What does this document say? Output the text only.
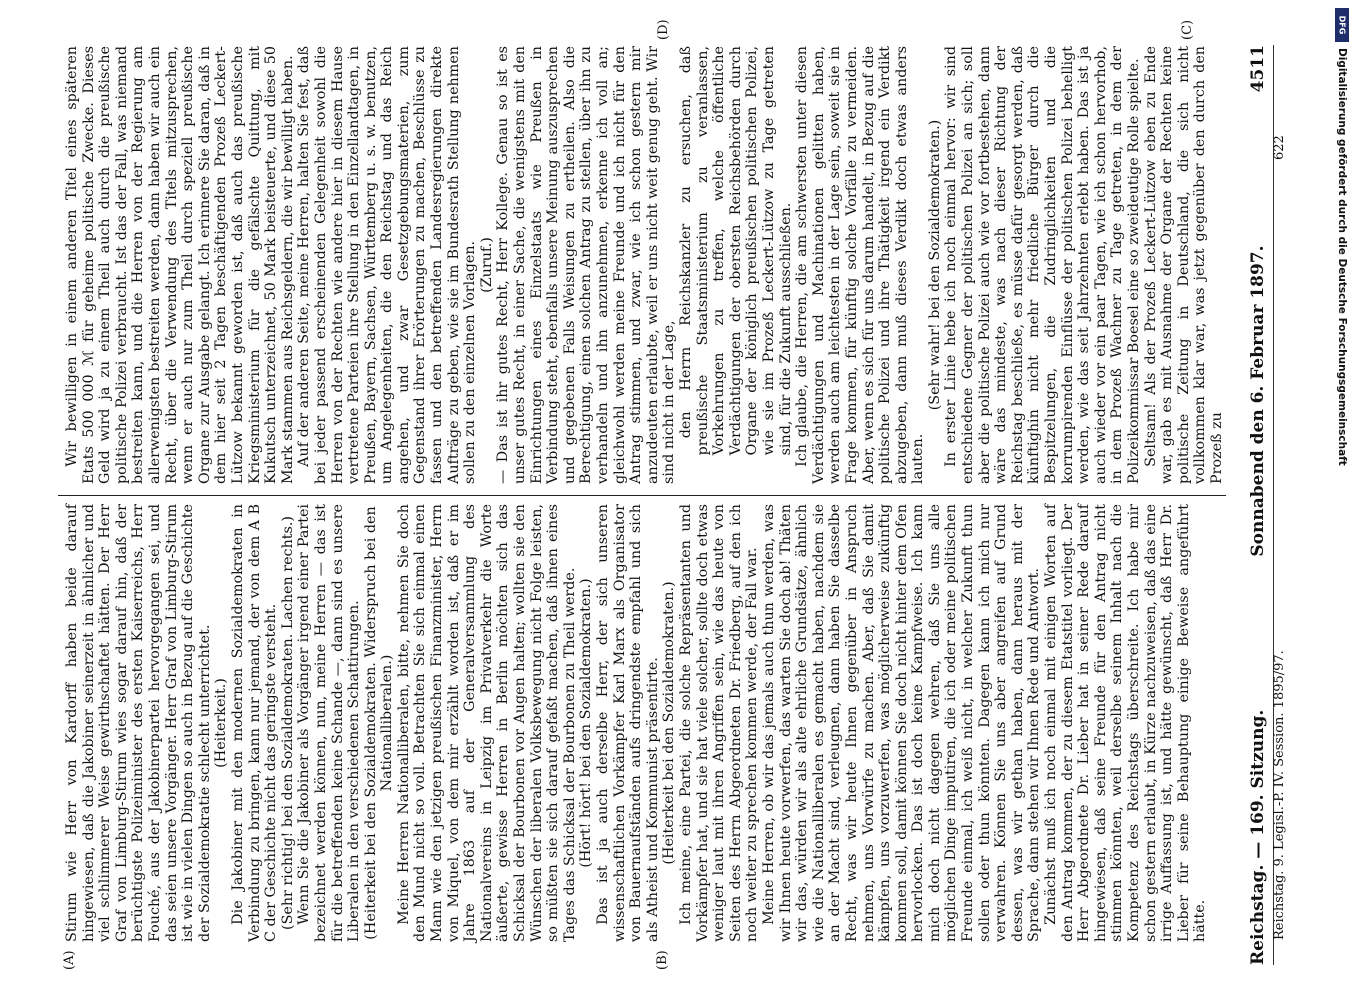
Reichstag. — 169. Sitzung.
Sonnabend den 6. Februar 1897.
4511
(A)	(B)
(C)
(D)

Stirum wie Herr von Kardorff haben beide darauf hingewiesen, daß die Jakobiner seinerzeit in ähnlicher und viel schlimmerer Weise gewirthschaftet hätten. Der Herr Graf von Limburg-Stirum wies sogar darauf hin, daß der berüchtigste Polizeiminister des ersten Kaiserreichs, Herr Fouché, aus der Jakobinerpartei hervorgegangen sei, und das seien unsere Vorgänger. Herr Graf von Limburg-Stirum ist wie in vielen Dingen so auch in Bezug auf die Geschichte der Sozialdemokratie schlecht unterrichtet. (Heiterkeit.) Die Jakobiner mit den modernen Sozialdemokraten in Verbindung zu bringen, kann nur jemand, der von dem A B C der Geschichte nicht das geringste versteht. (Sehr richtig! bei den Sozialdemokraten. Lachen rechts.) Wenn Sie die Jakobiner als Vorgänger irgend einer Partei bezeichnet werden können, nun, meine Herren — das ist für die betreffenden keine Schande —, dann sind es unsere Liberalen in den verschiedenen Schattirungen. (Heiterkeit bei den Sozialdemokraten. Widerspruch bei den Nationalliberalen.) Meine Herren Nationalliberalen, bitte, nehmen Sie doch den Mund nicht so voll. Betrachten Sie sich einmal einen Mann wie den jetzigen preußischen Finanzminister, Herrn von Miquel, von dem mir erzählt worden ist, daß er im Jahre 1863 auf der Generalversammlung des Nationalvereins in Leipzig im Privatverkehr die Worte äußerte, gewisse Herren in Berlin möchten sich das Schicksal der Bourbonen vor Augen halten; wollten sie den Wünschen der liberalen Volksbewegung nicht Folge leisten, so müßten sie sich darauf gefaßt machen, daß ihnen eines Tages das Schicksal der Bourbonen zu Theil werde. (Hört! hört! bei den Sozialdemokraten.) Das ist ja auch derselbe Herr, der sich unseren wissenschaftlichen Vorkämpfer Karl Marx als Organisator von Bauernaufständen aufs dringendste empfahl und sich als Atheist und Kommunist präsentirte. (Heiterkeit bei den Sozialdemokraten.) Ich meine, eine Partei, die solche Repräsentanten und Vorkämpfer hat, und sie hat viele solcher, sollte doch etwas weniger laut mit ihren Angriffen sein, wie das heute von Seiten des Herrn Abgeordneten Dr. Friedberg, auf den ich noch weiter zu sprechen kommen werde, der Fall war. Meine Herren, ob wir das jemals auch thun werden, was wir Ihnen heute vorwerfen, das warten Sie doch ab! Thäten wir das, würden wir als alte ehrliche Grundsätze, ähnlich wie die Nationalliberalen es gemacht haben, nachdem sie an der Macht sind, verleugnen, dann haben Sie dasselbe Recht, was wir heute Ihnen gegenüber in Anspruch nehmen, uns Vorwürfe zu machen. Aber, daß Sie damit kämpfen, uns vorzuwerfen, was möglicherweise zukünftig kommen soll, damit können Sie doch nicht hinter dem Ofen hervorlocken. Das ist doch keine Kampfweise. Ich kann mich doch nicht dagegen wehren, daß Sie uns alle möglichen Dinge imputiren, die ich oder meine politischen Freunde einmal, ich weiß nicht, in welcher Zukunft thun sollen oder thun könnten. Dagegen kann ich mich nur verwahren. Können Sie uns aber angreifen auf Grund dessen, was wir gethan haben, dann heraus mit der Sprache, dann stehen wir Ihnen Rede und Antwort. Zunächst muß ich noch einmal mit einigen Worten auf den Antrag kommen, der zu diesem Etatstitel vorliegt. Der Herr Abgeordnete Dr. Lieber hat in seiner Rede darauf hingewiesen, daß seine Freunde für den Antrag nicht stimmen könnten, weil derselbe seinem Inhalt nach die Kompetenz des Reichstags überschreite. Ich habe mir schon gestern erlaubt, in Kürze nachzuweisen, daß das eine irrige Auffassung ist, und hätte gewünscht, daß Herr Dr. Lieber für seine Behauptung einige Beweise angeführt hätte.

Wir bewilligen in einem anderen Titel eines späteren Etats 500 000 ℳ für geheime politische Zwecke. Dieses Geld wird ja zu einem Theil auch durch die preußische politische Polizei verbraucht. Ist das der Fall, was niemand bestreiten kann, und die Herren von der Regierung am allerwenigsten bestreiten werden, dann haben wir auch ein Recht, über die Verwendung des Titels mitzusprechen, wenn er auch nur zum Theil durch speziell preußische Organe zur Ausgabe gelangt. Ich erinnere Sie daran, daß in dem hier seit 2 Tagen beschäftigenden Prozeß Leckert-Lützow bekannt geworden ist, daß auch das preußische Kriegsministerium für die gefälschte Quittung, mit Kukutsch unterzeichnet, 50 Mark beisteuerte, und diese 50 Mark stammen aus Reichsgeldern, die wir bewilligt haben. Auf der anderen Seite, meine Herren, halten Sie fest, daß bei jeder passend erscheinenden Gelegenheit sowohl die Herren von der Rechten wie andere hier in diesem Hause vertretene Parteien ihre Stellung in den Einzellandtagen, in Preußen, Bayern, Sachsen, Württemberg u. s. w. benutzen, um Angelegenheiten, die den Reichstag und das Reich angehen, und zwar Gesetzgebungsmaterien, zum Gegenstand ihrer Erörterungen zu machen, Beschlüsse zu fassen und den betreffenden Landesregierungen direkte Aufträge zu geben, wie sie im Bundesrath Stellung nehmen sollen zu den einzelnen Vorlagen. (Zuruf.) — Das ist ihr gutes Recht, Herr Kollege. Genau so ist es unser gutes Recht, in einer Sache, die wenigstens mit den Einrichtungen eines Einzelstaats wie Preußen in Verbindung steht, ebenfalls unsere Meinung auszusprechen und gegebenen Falls Weisungen zu ertheilen. Also die Berechtigung, einen solchen Antrag zu stellen, über ihn zu verhandeln und ihn anzunehmen, erkenne ich voll an; gleichwohl werden meine Freunde und ich nicht für den Antrag stimmen, und zwar, wie ich schon gestern mir anzudeuten erlaubte, weil er uns nicht weit genug geht. Wir sind nicht in der Lage, den Herrn Reichskanzler zu ersuchen, daß preußische Staatsministerium zu veranlassen, Vorkehrungen zu treffen, welche öffentliche Verdächtigungen der obersten Reichsbehörden durch Organe der königlich preußischen politischen Polizei, wie sie im Prozeß Leckert-Lützow zu Tage getreten sind, für die Zukunft ausschließen. Ich glaube, die Herren, die am schwersten unter diesen Verdächtigungen und Machinationen gelitten haben, werden auch am leichtesten in der Lage sein, soweit sie in Frage kommen, für künftig solche Vorfälle zu vermeiden. Aber, wenn es sich für uns darum handelt, in Bezug auf die politische Polizei und ihre Thätigkeit irgend ein Verdikt abzugeben, dann muß dieses Verdikt doch etwas anders lauten.

(Sehr wahr! bei den Sozialdemokraten.) In erster Linie hebe ich noch einmal hervor: wir sind entschiedene Gegner der politischen Polizei an sich; soll aber die politische Polizei auch wie vor fortbestehen, dann wäre das mindeste, was nach dieser Richtung der Reichstag beschließe, es müsse dafür gesorgt werden, daß künftighin nicht mehr friedliche Bürger durch die Bespitzelungen, die Zudringlichkeiten und die korrumpirenden Einflüsse der politischen Polizei behelligt werden, wie das seit Jahrzehnten erlebt haben. Das ist ja auch wieder vor ein paar Tagen, wie ich schon hervorhob, in dem Prozeß Wachner zu Tage getreten, in dem der Polizeikommissar Boesel eine so zweideutige Rolle spielte. Seltsam! Als der Prozeß Leckert-Lützow eben zu Ende war, gab es mit Ausnahme der Organe der Rechten keine politische Zeitung in Deutschland, die sich nicht vollkommen klar war, was jetzt gegenüber den durch den Prozeß zu

Reichstag. 9. Legisl.-P. IV. Session. 1895/97.
622
DFG
Digitalisierung gefördert durch die Deutsche Forschungsgemeinschaft
